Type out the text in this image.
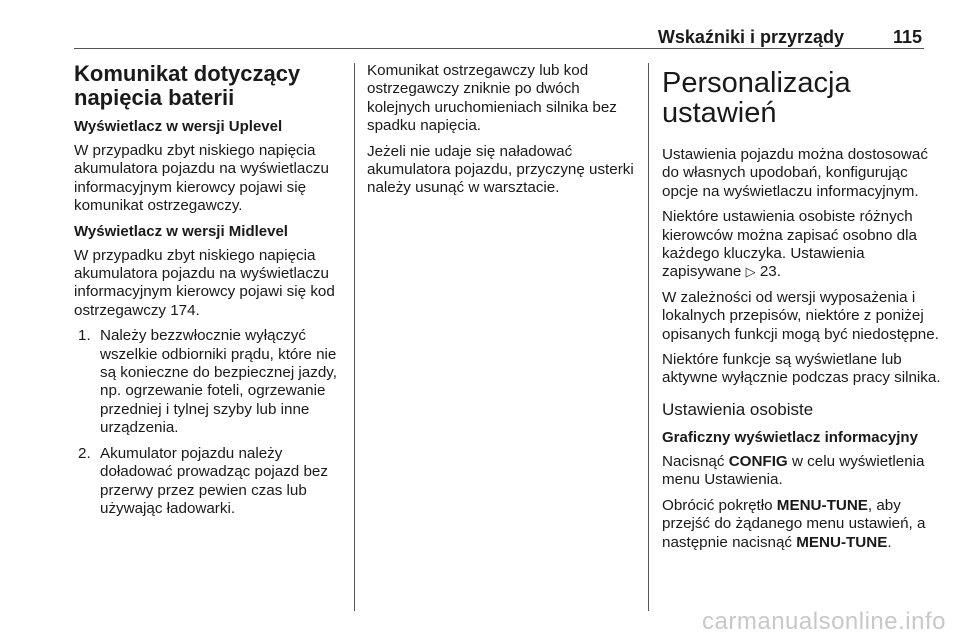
Wskaźniki i przyrządy	115
Komunikat dotyczący napięcia baterii
Wyświetlacz w wersji Uplevel

W przypadku zbyt niskiego napięcia akumulatora pojazdu na wyświetlaczu informacyjnym kierowcy pojawi się komunikat ostrzegawczy.

Wyświetlacz w wersji Midlevel

W przypadku zbyt niskiego napięcia akumulatora pojazdu na wyświetlaczu informacyjnym kierowcy pojawi się kod ostrzegawczy 174.

1. Należy bezzwłocznie wyłączyć wszelkie odbiorniki prądu, które nie są konieczne do bezpiecznej jazdy, np. ogrzewanie foteli, ogrzewanie przedniej i tylnej szyby lub inne urządzenia.
2. Akumulator pojazdu należy doładować prowadząc pojazd bez przerwy przez pewien czas lub używając ładowarki.

Komunikat ostrzegawczy lub kod ostrzegawczy zniknie po dwóch kolejnych uruchomieniach silnika bez spadku napięcia.

Jeżeli nie udaje się naładować akumulatora pojazdu, przyczynę usterki należy usunąć w warsztacie.

Personalizacja ustawień

Ustawienia pojazdu można dostosować do własnych upodobań, konfigurując opcje na wyświetlaczu informacyjnym.

Niektóre ustawienia osobiste różnych kierowców można zapisać osobno dla każdego kluczyka. Ustawienia zapisywane ▷ 23.

W zależności od wersji wyposażenia i lokalnych przepisów, niektóre z poniżej opisanych funkcji mogą być niedostępne.

Niektóre funkcje są wyświetlane lub aktywne wyłącznie podczas pracy silnika.

Ustawienia osobiste
Graficzny wyświetlacz informacyjny

Nacisnąć CONFIG w celu wyświetlenia menu Ustawienia.

Obrócić pokrętło MENU-TUNE, aby przejść do żądanego menu ustawień, a następnie nacisnąć MENU-TUNE.

carmanualsonline.info
